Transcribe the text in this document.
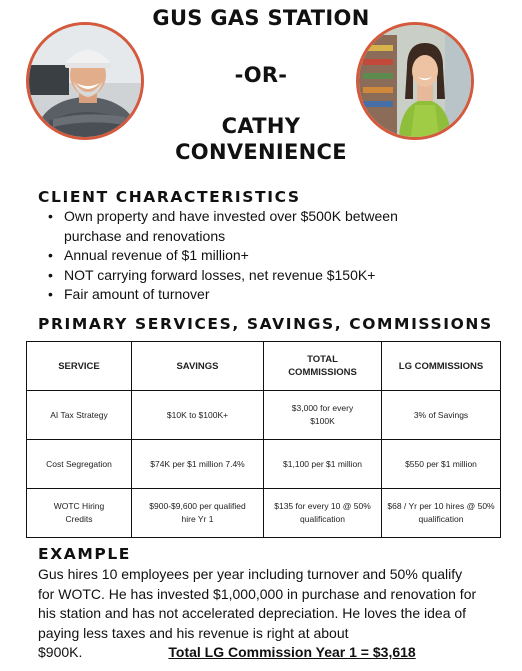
GUS GAS STATION
-OR-
CATHY
CONVENIENCE
CLIENT CHARACTERISTICS
• Own property and have invested over $500K between purchase and renovations
• Annual revenue of $1 million+
• NOT carrying forward losses, net revenue $150K+
• Fair amount of turnover
PRIMARY SERVICES, SAVINGS, COMMISSIONS
SERVICE	SAVINGS	TOTAL COMMISSIONS	LG COMMISSIONS
AI Tax Strategy	$10K to $100K+	$3,000 for every $100K	3% of Savings
Cost Segregation	$74K per $1 million 7.4%	$1,100 per $1 million	$550 per $1 million
WOTC Hiring Credits	$900-$9,600 per qualified hire Yr 1	$135 for every 10 @ 50% qualification	$68 / Yr per 10 hires @ 50% qualification
EXAMPLE

Gus hires 10 employees per year including turnover and 50% qualify for WOTC. He has invested $1,000,000 in purchase and renovation for his station and has not accelerated depreciation. He loves the idea of paying less taxes and his revenue is right at about $900K.	Total LG Commission Year 1 = $3,618
